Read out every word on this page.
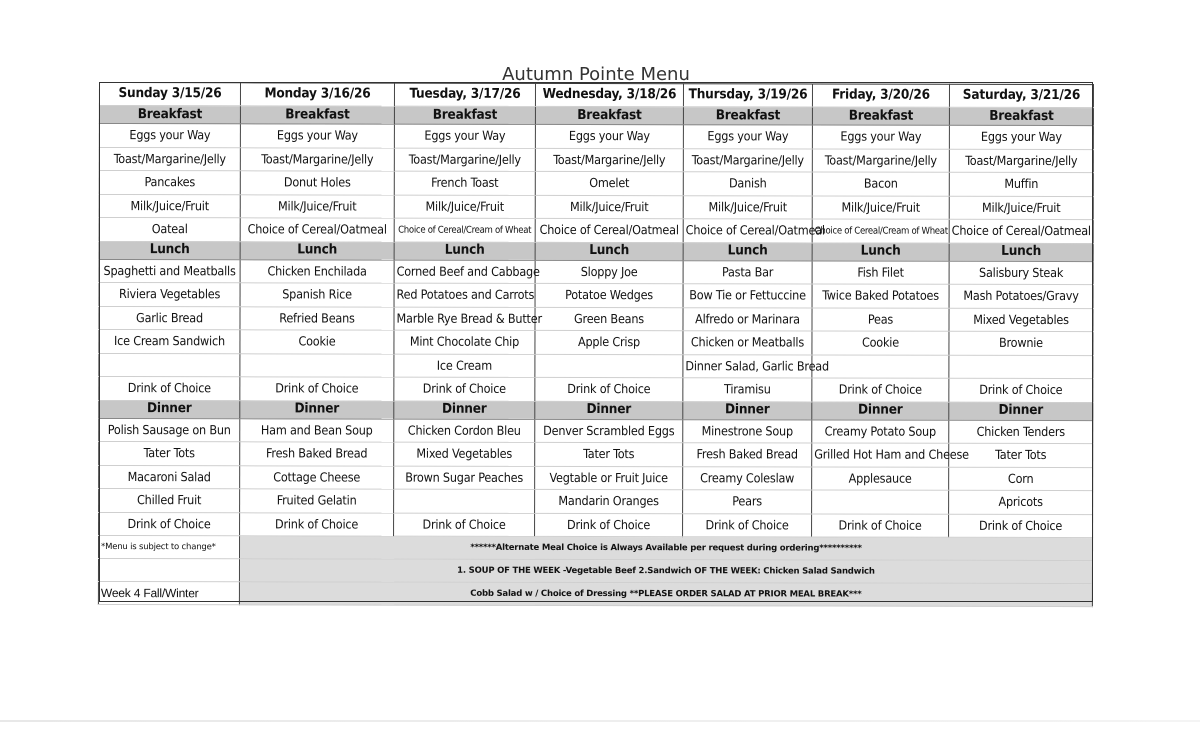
Autumn Pointe Menu
Sunday 3/15/26	Monday 3/16/26	Tuesday, 3/17/26	Wednesday, 3/18/26	Thursday, 3/19/26	Friday, 3/20/26	Saturday, 3/21/26
Breakfast	Breakfast	Breakfast	Breakfast	Breakfast	Breakfast	Breakfast
Eggs your Way	Eggs your Way	Eggs your Way	Eggs your Way	Eggs your Way	Eggs your Way	Eggs your Way
Toast/Margarine/Jelly	Toast/Margarine/Jelly	Toast/Margarine/Jelly	Toast/Margarine/Jelly	Toast/Margarine/Jelly	Toast/Margarine/Jelly	Toast/Margarine/Jelly
Pancakes	Donut Holes	French Toast	Omelet	Danish	Bacon	Muffin
Milk/Juice/Fruit	Milk/Juice/Fruit	Milk/Juice/Fruit	Milk/Juice/Fruit	Milk/Juice/Fruit	Milk/Juice/Fruit	Milk/Juice/Fruit
Oateal	Choice of Cereal/Oatmeal	Choice of Cereal/Cream of Wheat	Choice of Cereal/Oatmeal	Choice of Cereal/Oatmeal	Choice of Cereal/Cream of Wheat	Choice of Cereal/Oatmeal
Lunch	Lunch	Lunch	Lunch	Lunch	Lunch	Lunch
Spaghetti and Meatballs	Chicken Enchilada	Corned Beef and Cabbage	Sloppy Joe	Pasta Bar	Fish Filet	Salisbury Steak
Riviera Vegetables	Spanish Rice	Red Potatoes and Carrots	Potatoe Wedges	Bow Tie or Fettuccine	Twice Baked Potatoes	Mash Potatoes/Gravy
Garlic Bread	Refried Beans	Marble Rye Bread & Butter	Green Beans	Alfredo or Marinara	Peas	Mixed Vegetables
Ice Cream Sandwich	Cookie	Mint Chocolate Chip	Apple Crisp	Chicken or Meatballs	Cookie	Brownie
		Ice Cream		Dinner Salad, Garlic Bread		
Drink of Choice	Drink of Choice	Drink of Choice	Drink of Choice	Tiramisu	Drink of Choice	Drink of Choice
Dinner	Dinner	Dinner	Dinner	Dinner	Dinner	Dinner
Polish Sausage on Bun	Ham and Bean Soup	Chicken Cordon Bleu	Denver Scrambled Eggs	Minestrone Soup	Creamy Potato Soup	Chicken Tenders
Tater Tots	Fresh Baked Bread	Mixed Vegetables	Tater Tots	Fresh Baked Bread	Grilled Hot Ham and Cheese	Tater Tots
Macaroni Salad	Cottage Cheese	Brown Sugar Peaches	Vegtable or Fruit Juice	Creamy Coleslaw	Applesauce	Corn
Chilled Fruit	Fruited Gelatin		Mandarin Oranges	Pears		Apricots
Drink of Choice	Drink of Choice	Drink of Choice	Drink of Choice	Drink of Choice	Drink of Choice	Drink of Choice
*Menu is subject to change*	******Alternate Meal Choice is Always Available per request during ordering**********					
	1. SOUP OF THE WEEK -Vegetable Beef 2.Sandwich OF THE WEEK: Chicken Salad Sandwich					
Week 4 Fall/Winter	Cobb Salad w / Choice of Dressing **PLEASE ORDER SALAD AT PRIOR MEAL BREAK***					
